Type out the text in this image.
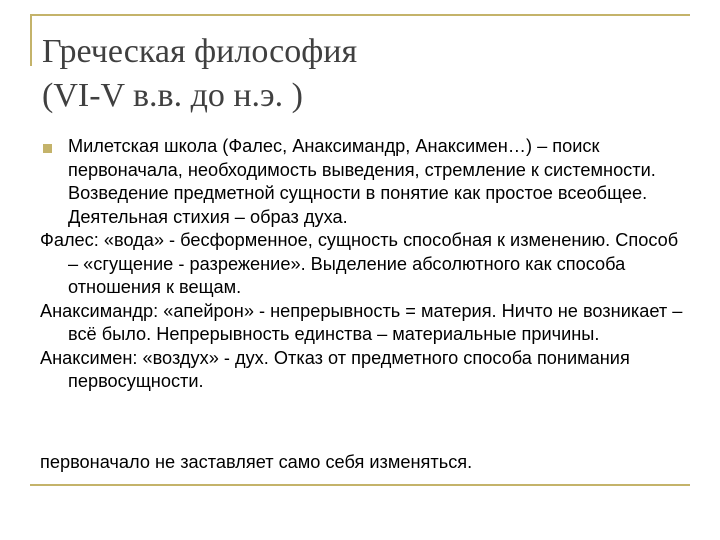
Греческая философия
(VI-V в.в. до н.э. )

Милетская школа (Фалес, Анаксимандр, Анаксимен…) – поиск первоначала, необходимость выведения, стремление к системности. Возведение предметной сущности в понятие как простое всеобщее. Деятельная стихия – образ духа.

Фалес: «вода» - бесформенное, сущность способная к изменению. Способ – «сгущение - разрежение». Выделение абсолютного как способа отношения к вещам.

Анаксимандр: «апейрон» - непрерывность = материя. Ничто не возникает – всё было. Непрерывность единства – материальные причины.

Анаксимен: «воздух» - дух. Отказ от предметного способа понимания первосущности.

первоначало не заставляет само себя изменяться.
